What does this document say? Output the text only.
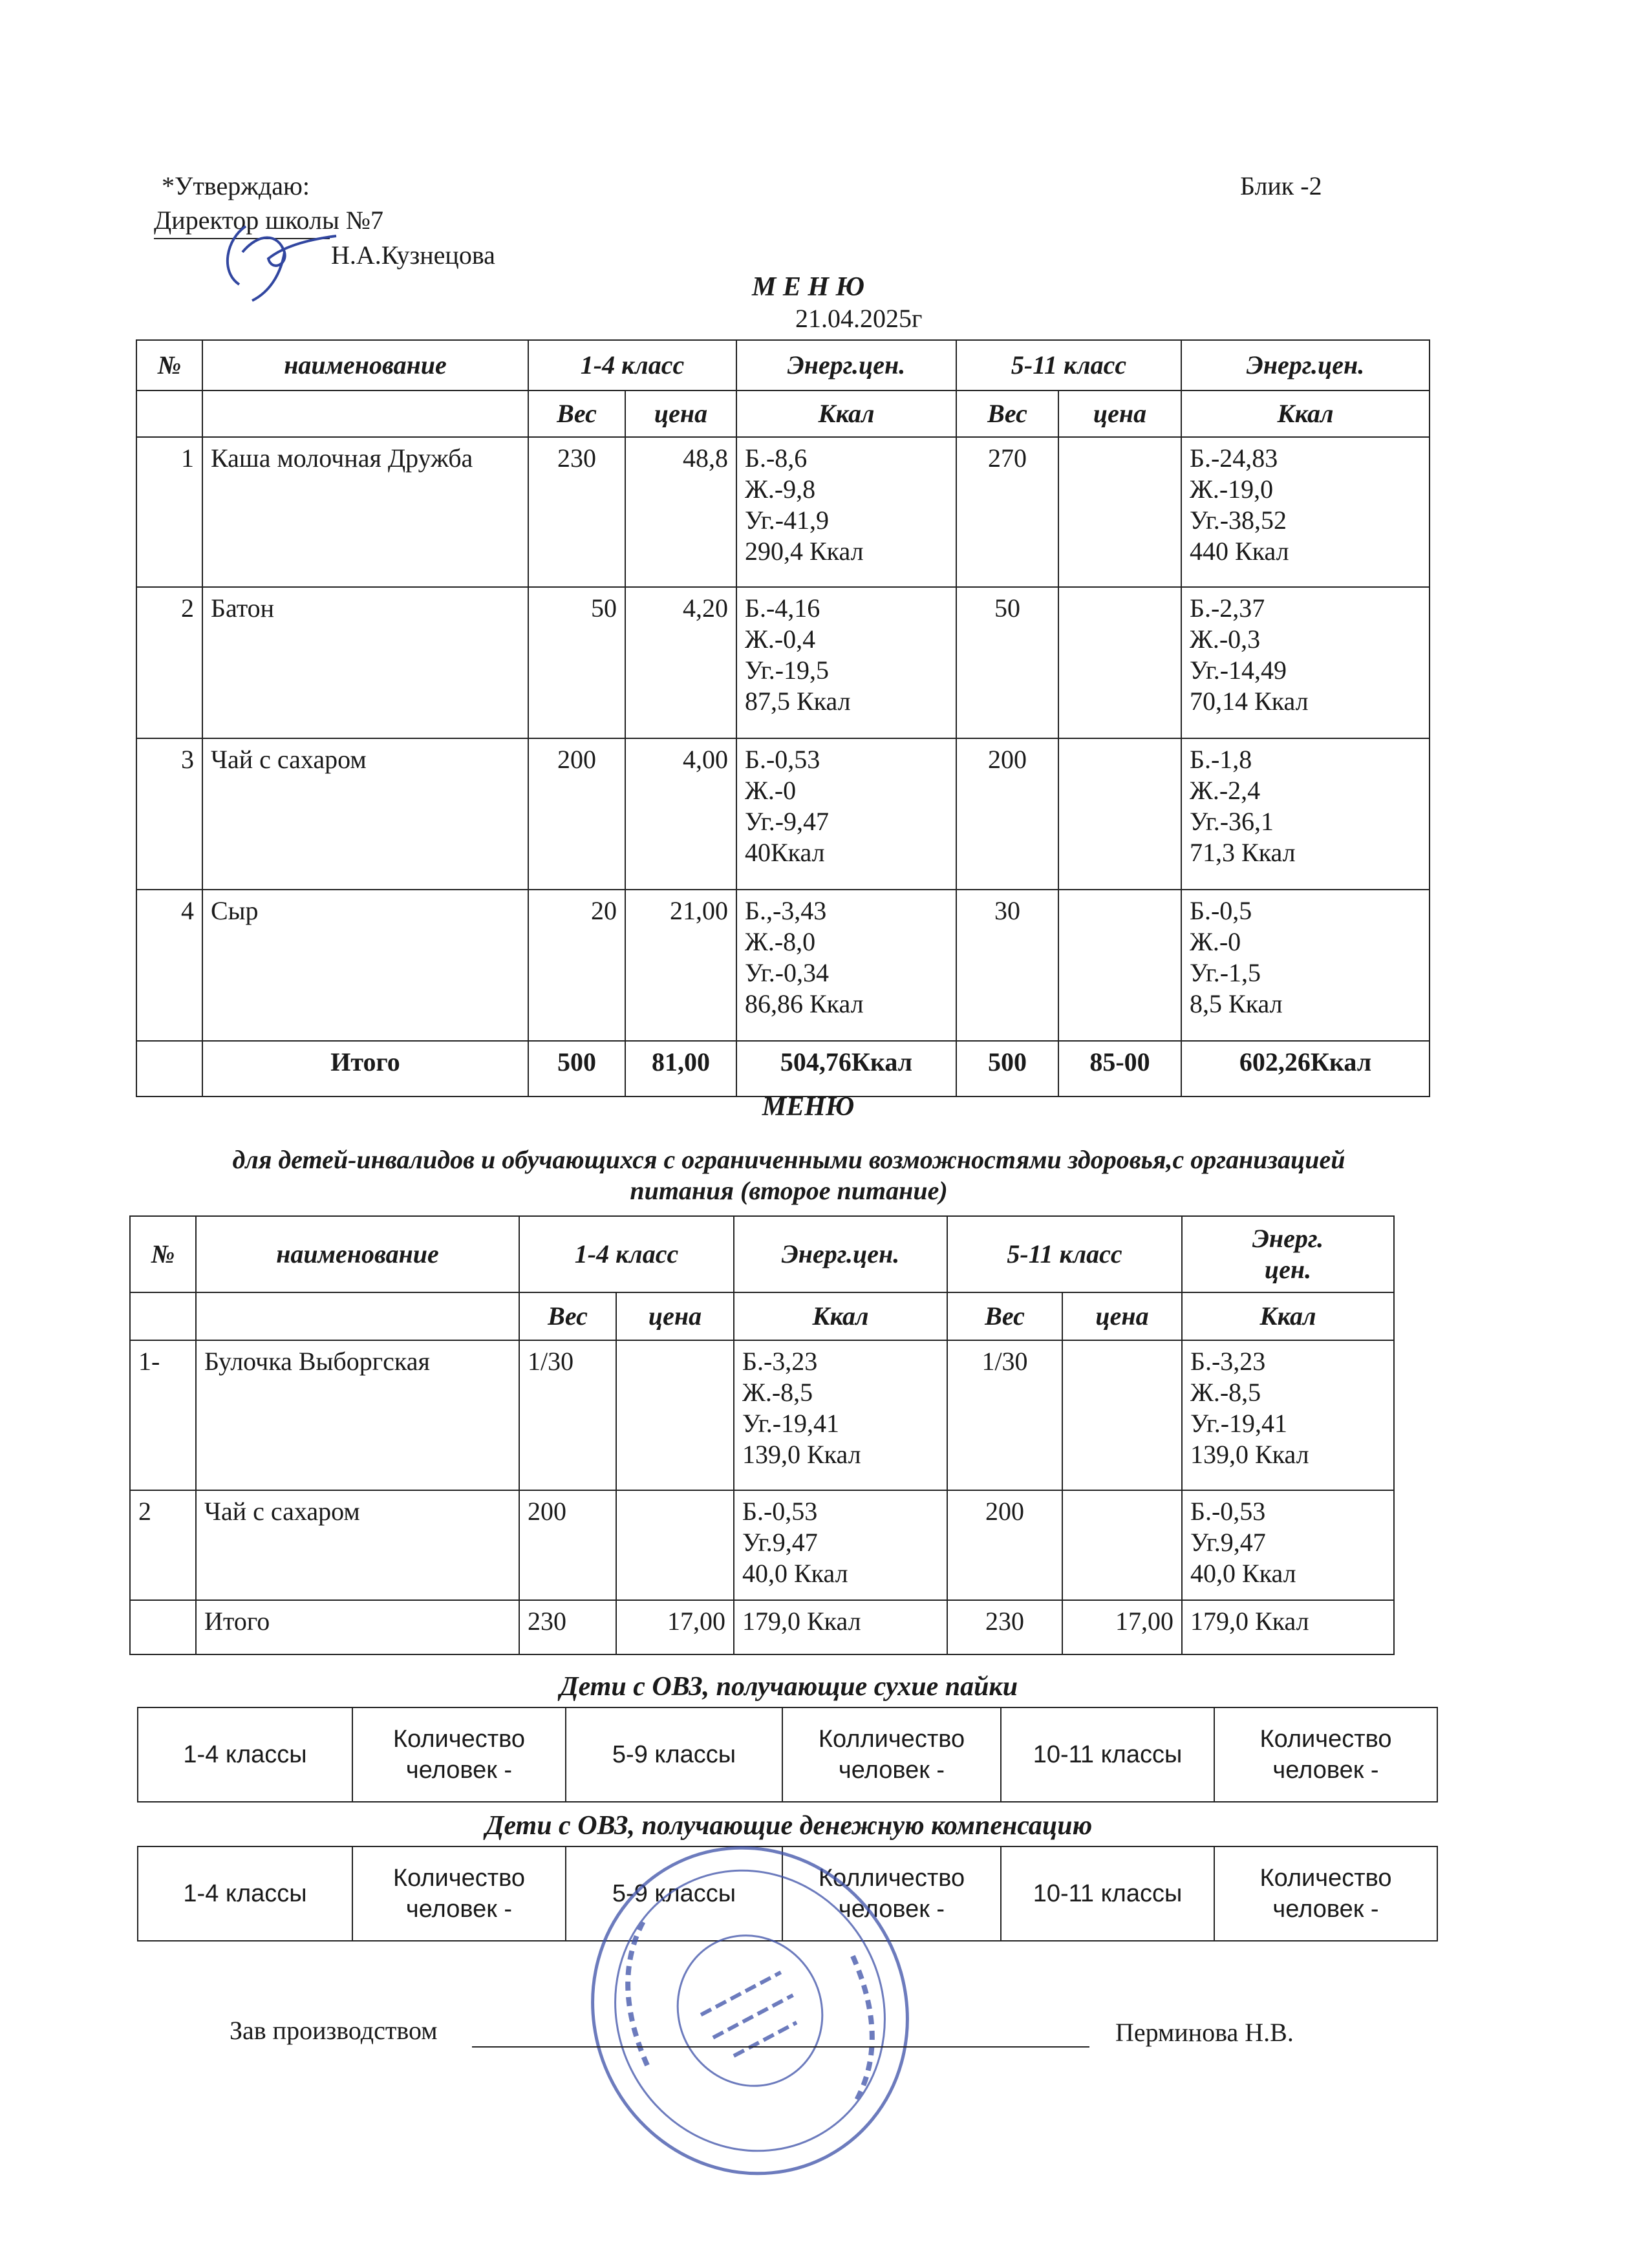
*Утверждаю:	Блик -2
Директор школы №7
Н.А.Кузнецова
М Е Н Ю
21.04.2025г
№	наименование	1-4 класс		Энерг.цен.	5-11 класс		Энерг.цен.
		Вес	цена	Ккал	Вес	цена	Ккал
1	Каша молочная Дружба	230	48,8	Б.-8,6
Ж.-9,8
Уг.-41,9
290,4 Ккал	270		Б.-24,83
Ж.-19,0
Уг.-38,52
440 Ккал

2	Батон	50	4,20	Б.-4,16
Ж.-0,4
Уг.-19,5
87,5 Ккал	50		Б.-2,37
Ж.-0,3
Уг.-14,49
70,14 Ккал

3	Чай с сахаром	200	4,00	Б.-0,53
Ж.-0
Уг.-9,47
40Ккал	200		Б.-1,8
Ж.-2,4
Уг.-36,1
71,3 Ккал

4	Сыр	20	21,00	Б.,-3,43
Ж.-8,0
Уг.-0,34
86,86 Ккал	30		Б.-0,5
Ж.-0
Уг.-1,5
8,5 Ккал

	Итого	500	81,00	504,76Ккал	500	85-00	602,26Ккал
МЕНЮ
для детей-инвалидов и обучающихся с ограниченными возможностями здоровья,с организацией
питания (второе питание)
№	наименование	1-4 класс		Энерг.цен.	5-11 класс		Энерг.
цен.

		Вес	цена	Ккал	Вес	цена	Ккал
1-	Булочка Выборгская	1/30		Б.-3,23
Ж.-8,5
Уг.-19,41
139,0 Ккал	1/30		Б.-3,23
Ж.-8,5
Уг.-19,41
139,0 Ккал

2	Чай с сахаром	200		Б.-0,53
Уг.9,47
40,0 Ккал	200		Б.-0,53
Уг.9,47
40,0 Ккал

	Итого	230	17,00	179,0 Ккал	230	17,00	179,0 Ккал
Дети с ОВЗ, получающие сухие пайки
1-4 классы	Количество человек -	5-9 классы	Колличество человек -	10-11 классы	Количество человек -
Дети с ОВЗ, получающие денежную компенсацию
1-4 классы	Количество человек -	5-9 классы	Колличество человек -	10-11 классы	Количество человек -
Зав производством	Перминова Н.В.
